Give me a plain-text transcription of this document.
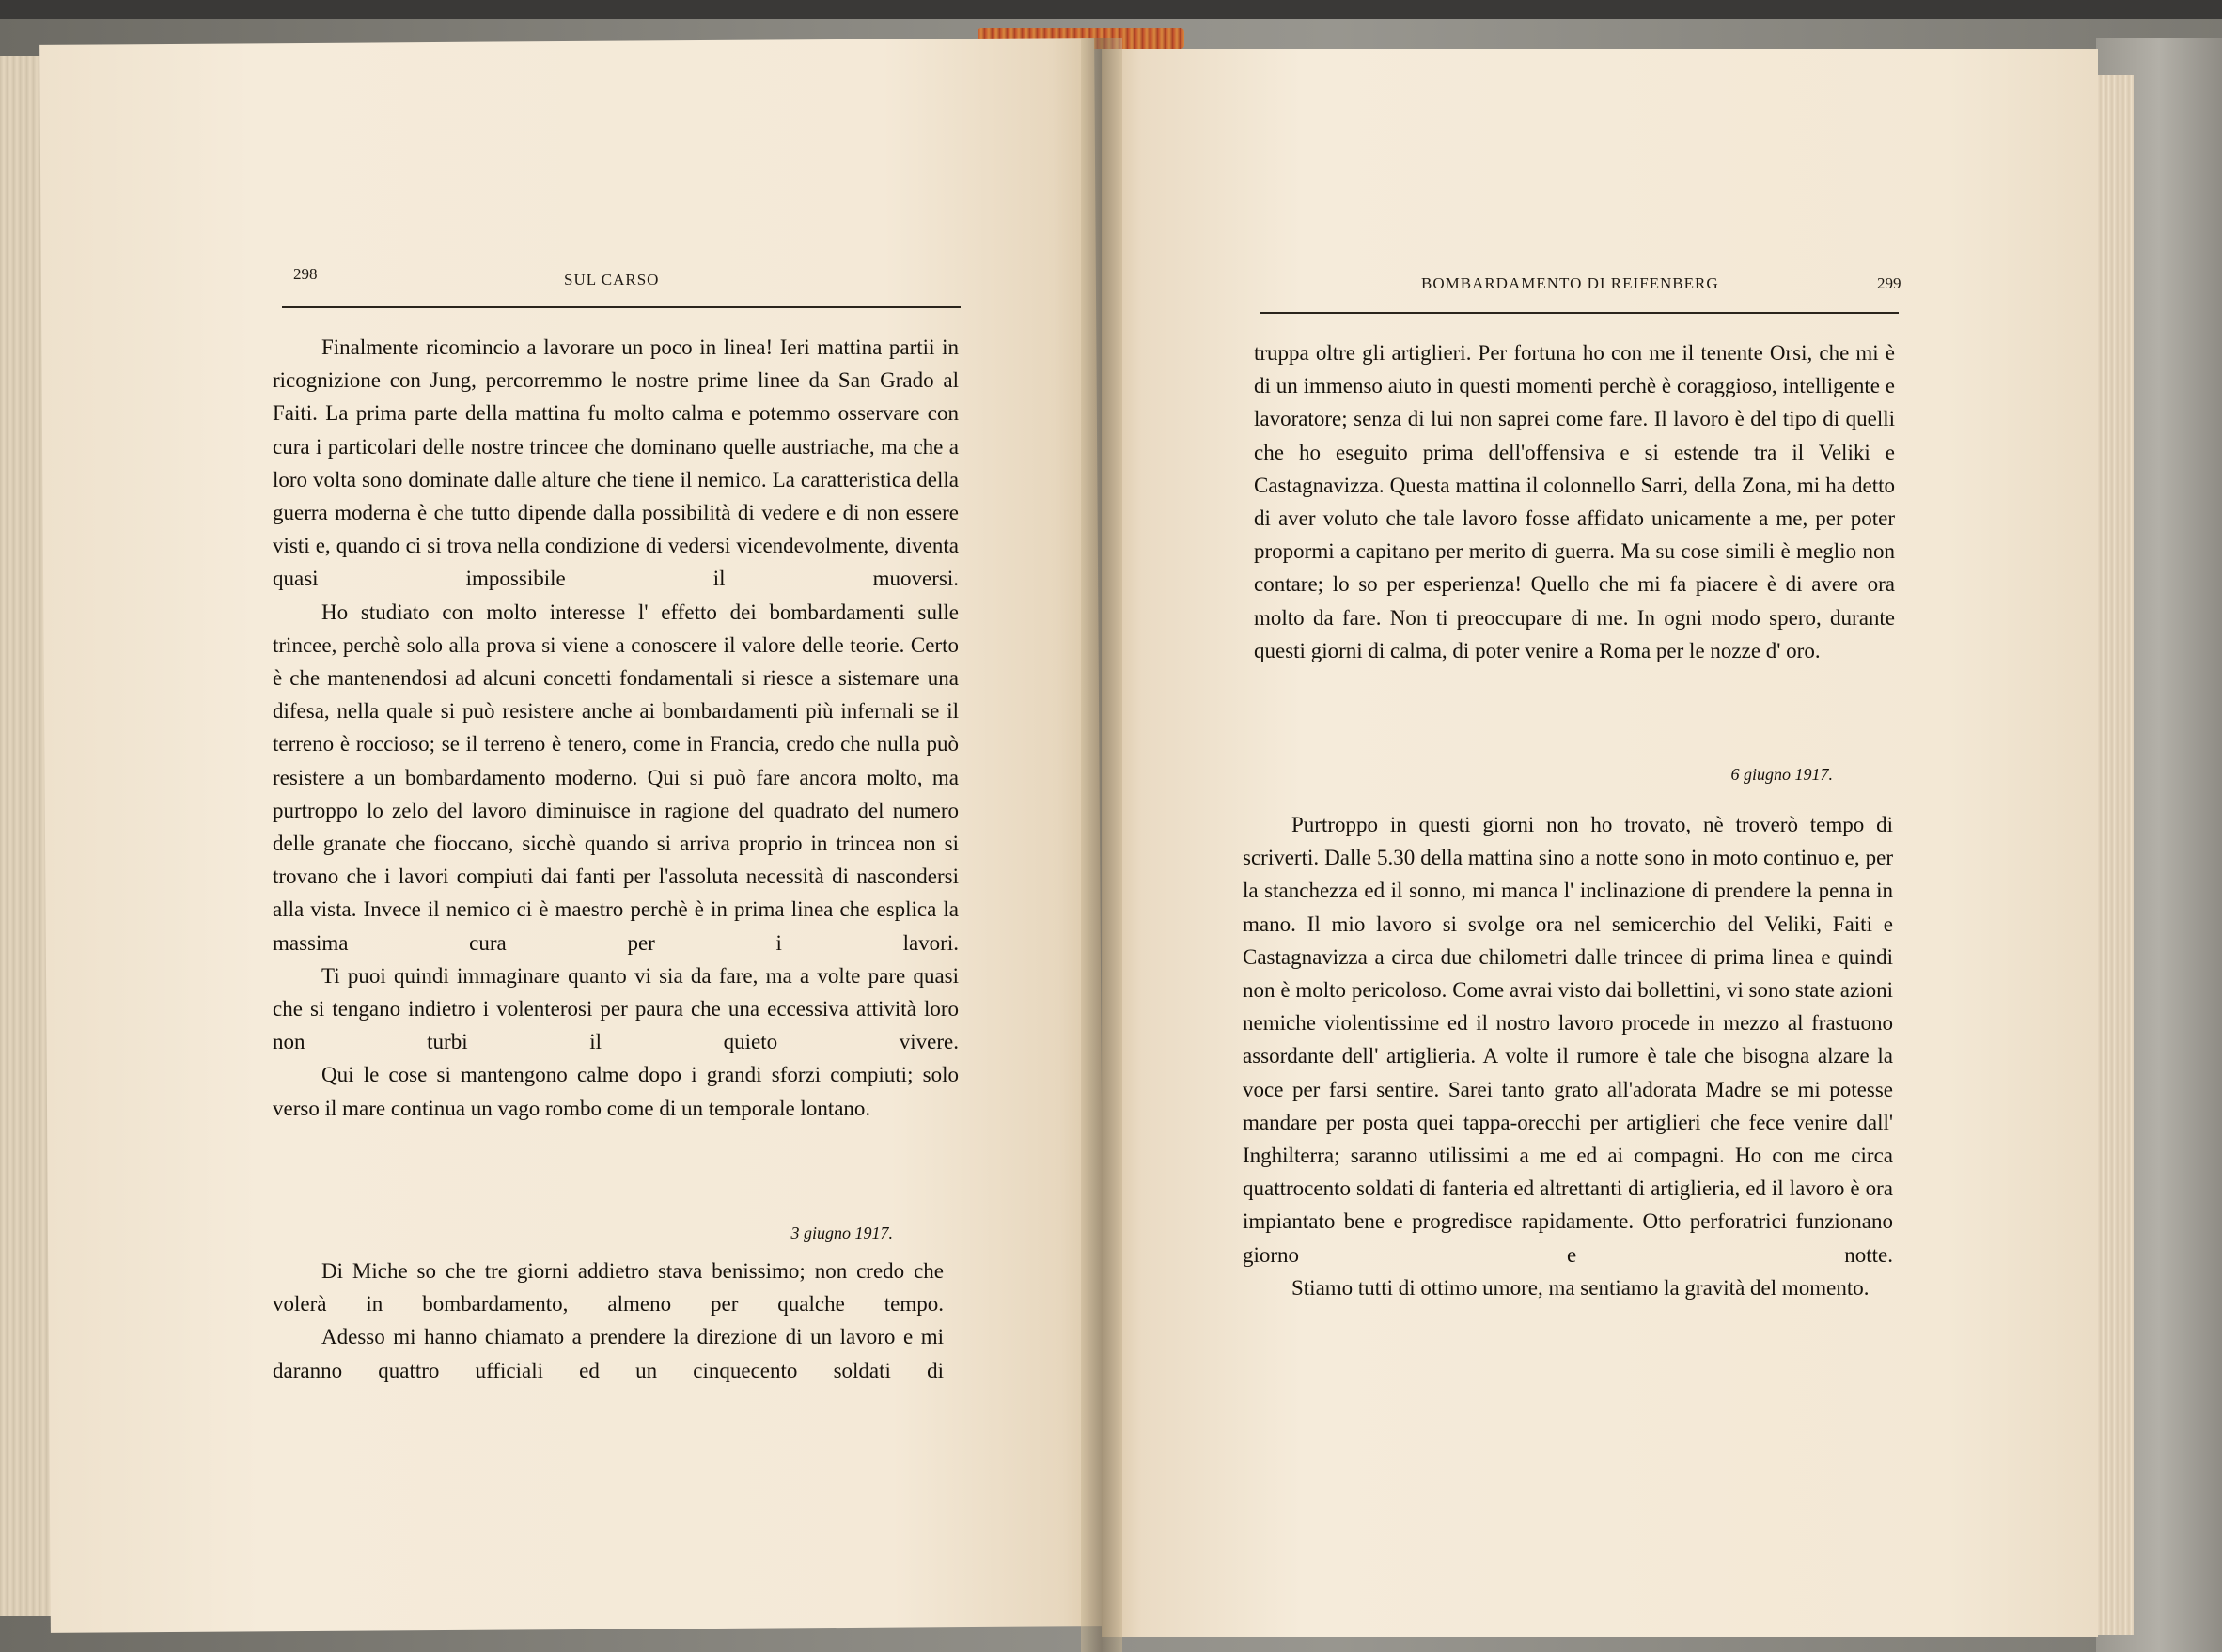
298	SUL CARSO

Finalmente ricomincio a lavorare un poco in linea! Ieri mattina partii in ricognizione con Jung, percorremmo le nostre prime linee da San Grado al Faiti. La prima parte della mattina fu molto calma e potemmo osservare con cura i particolari delle nostre trincee che dominano quelle austriache, ma che a loro volta sono dominate dalle alture che tiene il nemico. La caratteristica della guerra moderna è che tutto dipende dalla possibilità di vedere e di non essere visti e, quando ci si trova nella condizione di vedersi vicendevolmente, diventa quasi impossibile il muoversi.

Ho studiato con molto interesse l' effetto dei bombardamenti sulle trincee, perchè solo alla prova si viene a conoscere il valore delle teorie. Certo è che mantenendosi ad alcuni concetti fondamentali si riesce a sistemare una difesa, nella quale si può resistere anche ai bombardamenti più infernali se il terreno è roccioso; se il terreno è tenero, come in Francia, credo che nulla può resistere a un bombardamento moderno. Qui si può fare ancora molto, ma purtroppo lo zelo del lavoro diminuisce in ragione del quadrato del numero delle granate che fioccano, sicchè quando si arriva proprio in trincea non si trovano che i lavori compiuti dai fanti per l'assoluta necessità di nascondersi alla vista. Invece il nemico ci è maestro perchè è in prima linea che esplica la massima cura per i lavori.

Ti puoi quindi immaginare quanto vi sia da fare, ma a volte pare quasi che si tengano indietro i volenterosi per paura che una eccessiva attività loro non turbi il quieto vivere.

Qui le cose si mantengono calme dopo i grandi sforzi compiuti; solo verso il mare continua un vago rombo come di un temporale lontano.

3 giugno 1917.

Di Miche so che tre giorni addietro stava benissimo; non credo che volerà in bombardamento, almeno per qualche tempo.

Adesso mi hanno chiamato a prendere la direzione di un lavoro e mi daranno quattro ufficiali ed un cinquecento soldati di

BOMBARDAMENTO DI REIFENBERG	299

truppa oltre gli artiglieri. Per fortuna ho con me il tenente Orsi, che mi è di un immenso aiuto in questi momenti perchè è coraggioso, intelligente e lavoratore; senza di lui non saprei come fare. Il lavoro è del tipo di quelli che ho eseguito prima dell'offensiva e si estende tra il Veliki e Castagnavizza. Questa mattina il colonnello Sarri, della Zona, mi ha detto di aver voluto che tale lavoro fosse affidato unicamente a me, per poter propormi a capitano per merito di guerra. Ma su cose simili è meglio non contare; lo so per esperienza! Quello che mi fa piacere è di avere ora molto da fare. Non ti preoccupare di me. In ogni modo spero, durante questi giorni di calma, di poter venire a Roma per le nozze d' oro.

6 giugno 1917.

Purtroppo in questi giorni non ho trovato, nè troverò tempo di scriverti. Dalle 5.30 della mattina sino a notte sono in moto continuo e, per la stanchezza ed il sonno, mi manca l' inclinazione di prendere la penna in mano. Il mio lavoro si svolge ora nel semicerchio del Veliki, Faiti e Castagnavizza a circa due chilometri dalle trincee di prima linea e quindi non è molto pericoloso. Come avrai visto dai bollettini, vi sono state azioni nemiche violentissime ed il nostro lavoro procede in mezzo al frastuono assordante dell' artiglieria. A volte il rumore è tale che bisogna alzare la voce per farsi sentire. Sarei tanto grato all'adorata Madre se mi potesse mandare per posta quei tappa-orecchi per artiglieri che fece venire dall' Inghilterra; saranno utilissimi a me ed ai compagni. Ho con me circa quattrocento soldati di fanteria ed altrettanti di artiglieria, ed il lavoro è ora impiantato bene e progredisce rapidamente. Otto perforatrici funzionano giorno e notte.

Stiamo tutti di ottimo umore, ma sentiamo la gravità del momento.
